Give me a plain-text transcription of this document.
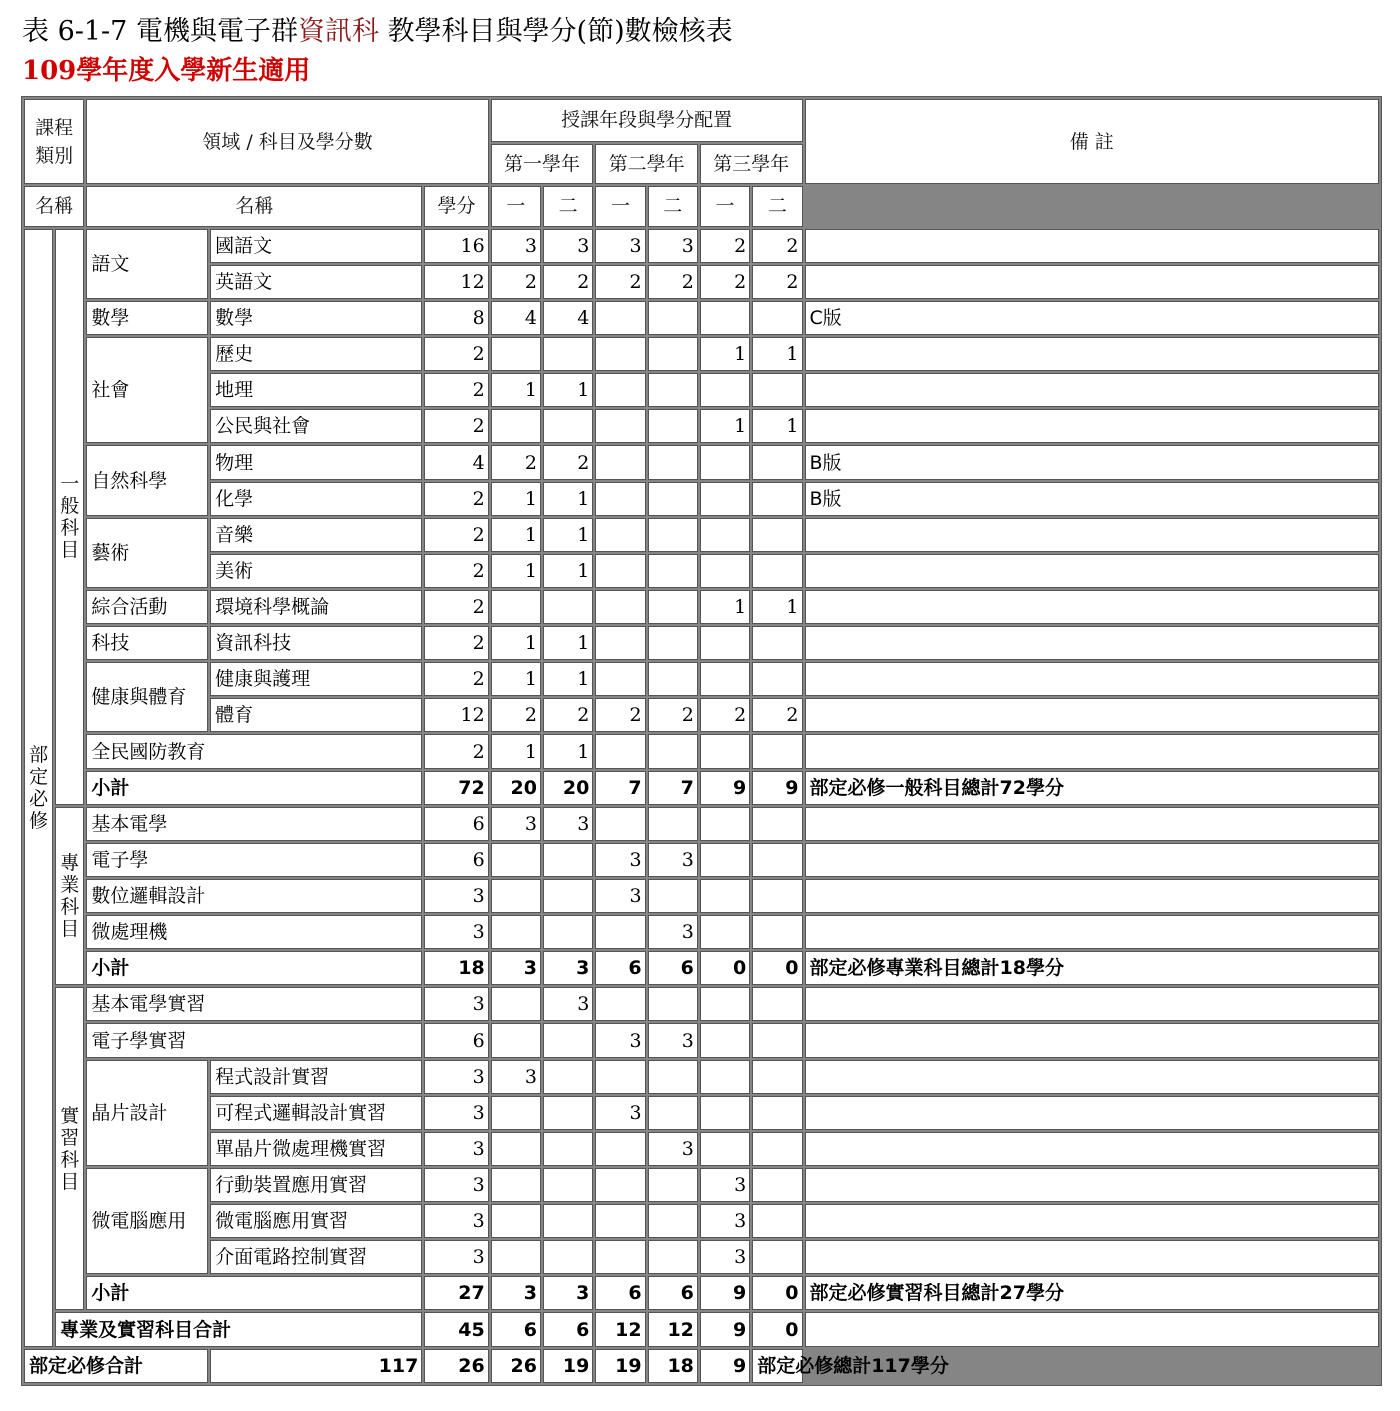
表 6-1-7 電機與電子群資訊科 教學科目與學分(節)數檢核表
109學年度入學新生適用
課程類別		領域 / 科目及學分數			授課年段與學分配置						備 註
					第一學年		第二學年		第三學年		
名稱		名稱		學分	一	二	一	二	一	二	

部
定
必
修	一
般
科
目	語文	國語文	16	3	3	3	3	2	2	
			英語文	12	2	2	2	2	2	2	
		數學	數學	8	4	4					C版
		社會	歷史	2					1	1	
			地理	2	1	1					
			公民與社會	2					1	1	
		自然科學	物理	4	2	2					B版
			化學	2	1	1					B版
		藝術	音樂	2	1	1					
			美術	2	1	1					
		綜合活動	環境科學概論	2					1	1	
		科技	資訊科技	2	1	1					
		健康與體育	健康與護理	2	1	1					
			體育	12	2	2	2	2	2	2	
		全民國防教育		2	1	1					
		小計		72	20	20	7	7	9	9	部定必修一般科目總計72學分

	專
業
科
目	基本電學		6	3	3					
		電子學		6			3	3			
		數位邏輯設計		3			3				
		微處理機		3				3			
		小計		18	3	3	6	6	0	0	部定必修專業科目總計18學分

	實
習
科
目	基本電學實習		3		3					
		電子學實習		6			3	3			
		晶片設計	程式設計實習	3	3						
			可程式邏輯設計實習	3			3				
			單晶片微處理機實習	3				3			
		微電腦應用	行動裝置應用實習	3					3		
			微電腦應用實習	3					3		
			介面電路控制實習	3					3		
		小計		27	3	3	6	6	9	0	部定必修實習科目總計27學分
	專業及實習科目合計			45	6	6	12	12	9	0	
部定必修合計			117	26	26	19	19	18	9	部定必修總計117學分	
